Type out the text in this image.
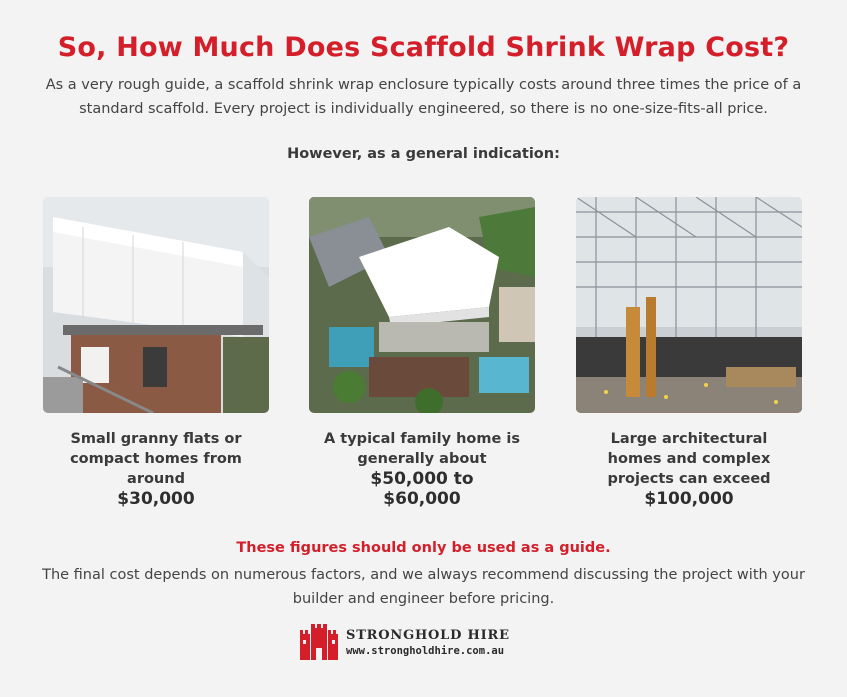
So, How Much Does Scaffold Shrink Wrap Cost?
As a very rough guide, a scaffold shrink wrap enclosure typically costs around three times the price of a standard scaffold. Every project is individually engineered, so there is no one-size-fits-all price.
However, as a general indication:
Small granny flats or compact homes from around
$30,000
A typical family home is generally about
$50,000 to $60,000
Large architectural homes and complex projects can exceed
$100,000
These figures should only be used as a guide.
The final cost depends on numerous factors, and we always recommend discussing the project with your builder and engineer before pricing.
STRONGHOLD HIRE
www.strongholdhire.com.au
